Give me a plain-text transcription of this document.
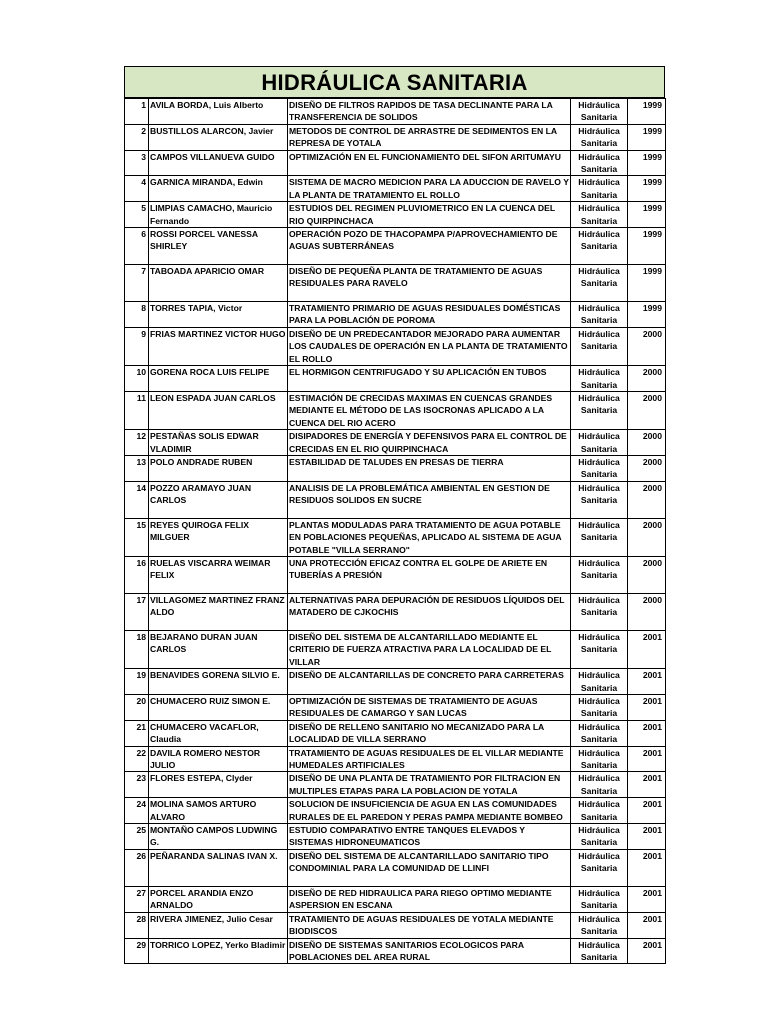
HIDRÁULICA SANITARIA
1	AVILA BORDA, Luis Alberto	DISEÑO DE FILTROS RAPIDOS DE TASA DECLINANTE PARA LA TRANSFERENCIA DE SOLIDOS	Hidráulica Sanitaria	1999
2	BUSTILLOS ALARCON, Javier	METODOS DE CONTROL DE ARRASTRE DE SEDIMENTOS EN LA REPRESA DE YOTALA	Hidráulica Sanitaria	1999
3	CAMPOS VILLANUEVA GUIDO	OPTIMIZACIÓN EN EL FUNCIONAMIENTO DEL SIFON ARITUMAYU	Hidráulica Sanitaria	1999
4	GARNICA MIRANDA, Edwin	SISTEMA DE MACRO MEDICION PARA LA ADUCCION DE RAVELO Y LA PLANTA DE TRATAMIENTO EL ROLLO	Hidráulica Sanitaria	1999
5	LIMPIAS CAMACHO, Mauricio Fernando	ESTUDIOS DEL REGIMEN PLUVIOMETRICO EN LA CUENCA DEL RIO QUIRPINCHACA	Hidráulica Sanitaria	1999
6	ROSSI PORCEL VANESSA SHIRLEY	OPERACIÓN POZO DE THACOPAMPA P/APROVECHAMIENTO DE AGUAS SUBTERRÁNEAS	Hidráulica Sanitaria	1999
7	TABOADA APARICIO OMAR	DISEÑO DE PEQUEÑA PLANTA DE TRATAMIENTO DE AGUAS RESIDUALES PARA RAVELO	Hidráulica Sanitaria	1999
8	TORRES TAPIA, Victor	TRATAMIENTO PRIMARIO DE AGUAS RESIDUALES DOMÉSTICAS PARA LA POBLACIÓN DE POROMA	Hidráulica Sanitaria	1999
9	FRIAS MARTINEZ VICTOR HUGO	DISEÑO DE UN PREDECANTADOR MEJORADO PARA AUMENTAR LOS CAUDALES DE OPERACIÓN EN LA PLANTA DE TRATAMIENTO EL ROLLO	Hidráulica Sanitaria	2000
10	GORENA ROCA LUIS FELIPE	EL HORMIGON CENTRIFUGADO Y SU APLICACIÓN EN TUBOS	Hidráulica Sanitaria	2000
11	LEON ESPADA JUAN CARLOS	ESTIMACIÓN DE CRECIDAS MAXIMAS EN CUENCAS GRANDES MEDIANTE EL MÉTODO DE LAS ISOCRONAS APLICADO A LA CUENCA DEL RIO ACERO	Hidráulica Sanitaria	2000
12	PESTAÑAS SOLIS EDWAR VLADIMIR	DISIPADORES DE ENERGÍA Y DEFENSIVOS PARA EL CONTROL DE CRECIDAS EN EL RIO QUIRPINCHACA	Hidráulica Sanitaria	2000
13	POLO ANDRADE RUBEN	ESTABILIDAD DE TALUDES EN PRESAS DE TIERRA	Hidráulica Sanitaria	2000
14	POZZO ARAMAYO JUAN CARLOS	ANALISIS DE LA PROBLEMÁTICA AMBIENTAL EN GESTION DE RESIDUOS SOLIDOS EN SUCRE	Hidráulica Sanitaria	2000
15	REYES QUIROGA FELIX MILGUER	PLANTAS MODULADAS PARA TRATAMIENTO DE AGUA POTABLE EN POBLACIONES PEQUEÑAS, APLICADO AL SISTEMA DE AGUA POTABLE "VILLA SERRANO"	Hidráulica Sanitaria	2000
16	RUELAS VISCARRA WEIMAR FELIX	UNA PROTECCIÓN EFICAZ CONTRA EL GOLPE DE ARIETE EN TUBERÍAS A PRESIÓN	Hidráulica Sanitaria	2000
17	VILLAGOMEZ MARTINEZ FRANZ ALDO	ALTERNATIVAS PARA DEPURACIÓN DE RESIDUOS LÍQUIDOS DEL MATADERO DE CJKOCHIS	Hidráulica Sanitaria	2000
18	BEJARANO DURAN JUAN CARLOS	DISEÑO DEL SISTEMA DE ALCANTARILLADO MEDIANTE EL CRITERIO DE FUERZA ATRACTIVA PARA LA LOCALIDAD DE EL VILLAR	Hidráulica Sanitaria	2001
19	BENAVIDES GORENA SILVIO E.	DISEÑO DE ALCANTARILLAS DE CONCRETO PARA CARRETERAS	Hidráulica Sanitaria	2001
20	CHUMACERO RUIZ SIMON E.	OPTIMIZACIÓN DE SISTEMAS DE TRATAMIENTO DE AGUAS RESIDUALES DE CAMARGO Y SAN LUCAS	Hidráulica Sanitaria	2001
21	CHUMACERO VACAFLOR, Claudia	DISEÑO DE RELLENO SANITARIO NO MECANIZADO PARA LA LOCALIDAD DE VILLA SERRANO	Hidráulica Sanitaria	2001
22	DAVILA ROMERO NESTOR JULIO	TRATAMIENTO DE AGUAS RESIDUALES DE EL VILLAR MEDIANTE HUMEDALES ARTIFICIALES	Hidráulica Sanitaria	2001
23	FLORES ESTEPA, Clyder	DISEÑO DE UNA PLANTA DE TRATAMIENTO POR FILTRACION EN MULTIPLES ETAPAS PARA LA POBLACION DE YOTALA	Hidráulica Sanitaria	2001
24	MOLINA SAMOS ARTURO ALVARO	SOLUCION DE INSUFICIENCIA DE AGUA EN LAS COMUNIDADES RURALES DE EL PAREDON Y PERAS PAMPA MEDIANTE BOMBEO	Hidráulica Sanitaria	2001
25	MONTAÑO CAMPOS LUDWING G.	ESTUDIO COMPARATIVO ENTRE TANQUES ELEVADOS Y SISTEMAS HIDRONEUMATICOS	Hidráulica Sanitaria	2001
26	PEÑARANDA SALINAS IVAN X.	DISEÑO DEL SISTEMA DE ALCANTARILLADO SANITARIO TIPO CONDOMINIAL PARA LA COMUNIDAD DE LLINFI	Hidráulica Sanitaria	2001
27	PORCEL ARANDIA ENZO ARNALDO	DISEÑO DE RED HIDRAULICA PARA RIEGO OPTIMO MEDIANTE ASPERSION EN ESCANA	Hidráulica Sanitaria	2001
28	RIVERA JIMENEZ, Julio Cesar	TRATAMIENTO DE AGUAS RESIDUALES DE YOTALA MEDIANTE BIODISCOS	Hidráulica Sanitaria	2001
29	TORRICO LOPEZ, Yerko Bladimir	DISEÑO DE SISTEMAS SANITARIOS ECOLOGICOS PARA POBLACIONES DEL AREA RURAL	Hidráulica Sanitaria	2001
